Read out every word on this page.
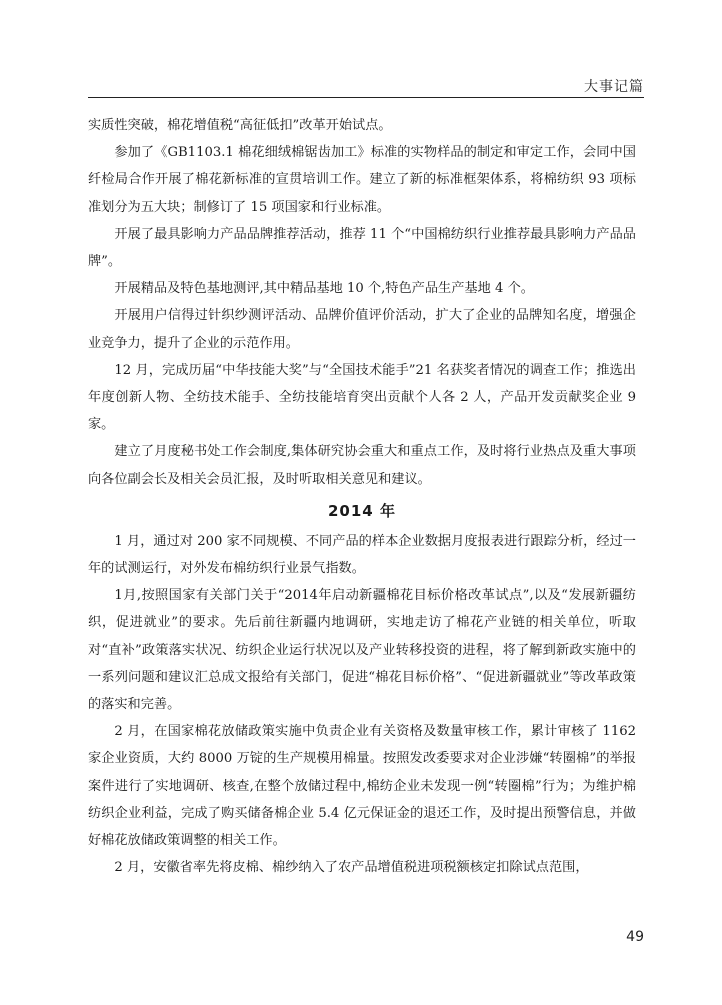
大事记篇

实质性突破，棉花增值税“高征低扣”改革开始试点。

参加了《GB1103.1 棉花细绒棉锯齿加工》标准的实物样品的制定和审定工作，会同中国纤检局合作开展了棉花新标准的宣贯培训工作。建立了新的标准框架体系，将棉纺织 93 项标准划分为五大块；制修订了 15 项国家和行业标准。

开展了最具影响力产品品牌推荐活动，推荐 11 个“中国棉纺织行业推荐最具影响力产品品牌”。

开展精品及特色基地测评,其中精品基地 10 个,特色产品生产基地 4 个。

开展用户信得过针织纱测评活动、品牌价值评价活动，扩大了企业的品牌知名度，增强企业竞争力，提升了企业的示范作用。

12 月，完成历届“中华技能大奖”与“全国技术能手”21 名获奖者情况的调查工作；推选出年度创新人物、全纺技术能手、全纺技能培育突出贡献个人各 2 人，产品开发贡献奖企业 9 家。

建立了月度秘书处工作会制度,集体研究协会重大和重点工作，及时将行业热点及重大事项向各位副会长及相关会员汇报，及时听取相关意见和建议。

2014 年

1 月，通过对 200 家不同规模、不同产品的样本企业数据月度报表进行跟踪分析，经过一年的试测运行，对外发布棉纺织行业景气指数。

1月,按照国家有关部门关于“2014年启动新疆棉花目标价格改革试点”,以及“发展新疆纺织，促进就业”的要求。先后前往新疆内地调研，实地走访了棉花产业链的相关单位，听取对“直补”政策落实状况、纺织企业运行状况以及产业转移投资的进程，将了解到新政实施中的一系列问题和建议汇总成文报给有关部门，促进“棉花目标价格”、“促进新疆就业”等改革政策的落实和完善。

2 月，在国家棉花放储政策实施中负责企业有关资格及数量审核工作，累计审核了 1162 家企业资质，大约 8000 万锭的生产规模用棉量。按照发改委要求对企业涉嫌“转圈棉”的举报案件进行了实地调研、核查,在整个放储过程中,棉纺企业未发现一例“转圈棉”行为；为维护棉纺织企业利益，完成了购买储备棉企业 5.4 亿元保证金的退还工作，及时提出预警信息，并做好棉花放储政策调整的相关工作。

2 月，安徽省率先将皮棉、棉纱纳入了农产品增值税进项税额核定扣除试点范围，

49
